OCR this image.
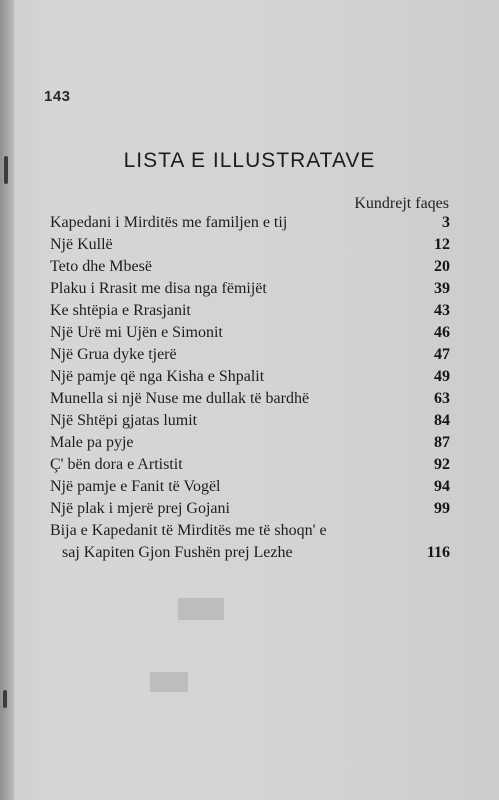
143
LISTA E ILLUSTRATAVE
Kundrejt faqes
Kapedani i Mirditës me familjen e tij	3
Një Kullë	12
Teto dhe Mbesë	20
Plaku i Rrasit me disa nga fëmijët	39
Ke shtëpia e Rrasjanit	43
Një Urë mi Ujën e Simonit	46
Një Grua dyke tjerë	47
Një pamje që nga Kisha e Shpalit	49
Munella si një Nuse me dullak të bardhë	63
Një Shtëpi gjatas lumit	84
Male pa pyje	87
Ç' bën dora e Artistit	92
Një pamje e Fanit të Vogël	94
Një plak i mjerë prej Gojani	99
Bija e Kapedanit të Mirditës me të shoqn' e
saj Kapiten Gjon Fushën prej Lezhe	116
